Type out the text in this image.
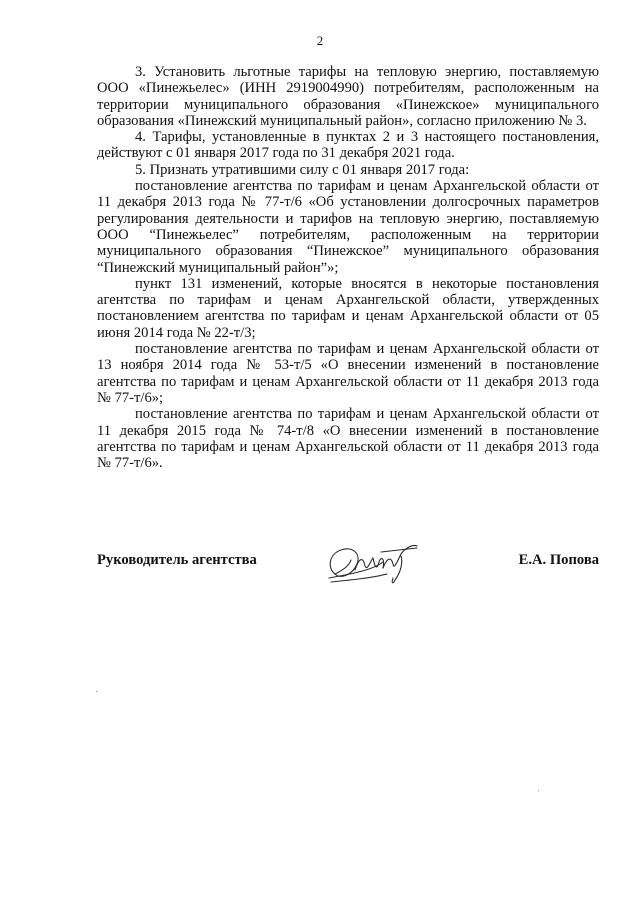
2

3. Установить льготные тарифы на тепловую энергию, поставляемую ООО «Пинежьелес» (ИНН 2919004990) потребителям, расположенным на территории муниципального образования «Пинежское» муниципального образования «Пинежский муниципальный район», согласно приложению № 3.

4. Тарифы, установленные в пунктах 2 и 3 настоящего постановления, действуют с 01 января 2017 года по 31 декабря 2021 года.

5. Признать утратившими силу с 01 января 2017 года:

постановление агентства по тарифам и ценам Архангельской области от 11 декабря 2013 года № 77-т/6 «Об установлении долгосрочных параметров регулирования деятельности и тарифов на тепловую энергию, поставляемую ООО “Пинежьелес” потребителям, расположенным на территории муниципального образования “Пинежское” муниципального образования “Пинежский муниципальный район”»;

пункт 131 изменений, которые вносятся в некоторые постановления агентства по тарифам и ценам Архангельской области, утвержденных постановлением агентства по тарифам и ценам Архангельской области от 05 июня 2014 года № 22-т/3;

постановление агентства по тарифам и ценам Архангельской области от 13 ноября 2014 года № 53-т/5 «О внесении изменений в постановление агентства по тарифам и ценам Архангельской области от 11 декабря 2013 года № 77-т/6»;

постановление агентства по тарифам и ценам Архангельской области от 11 декабря 2015 года № 74-т/8 «О внесении изменений в постановление агентства по тарифам и ценам Архангельской области от 11 декабря 2013 года № 77-т/6».

Руководитель агентства	Е.А. Попова
